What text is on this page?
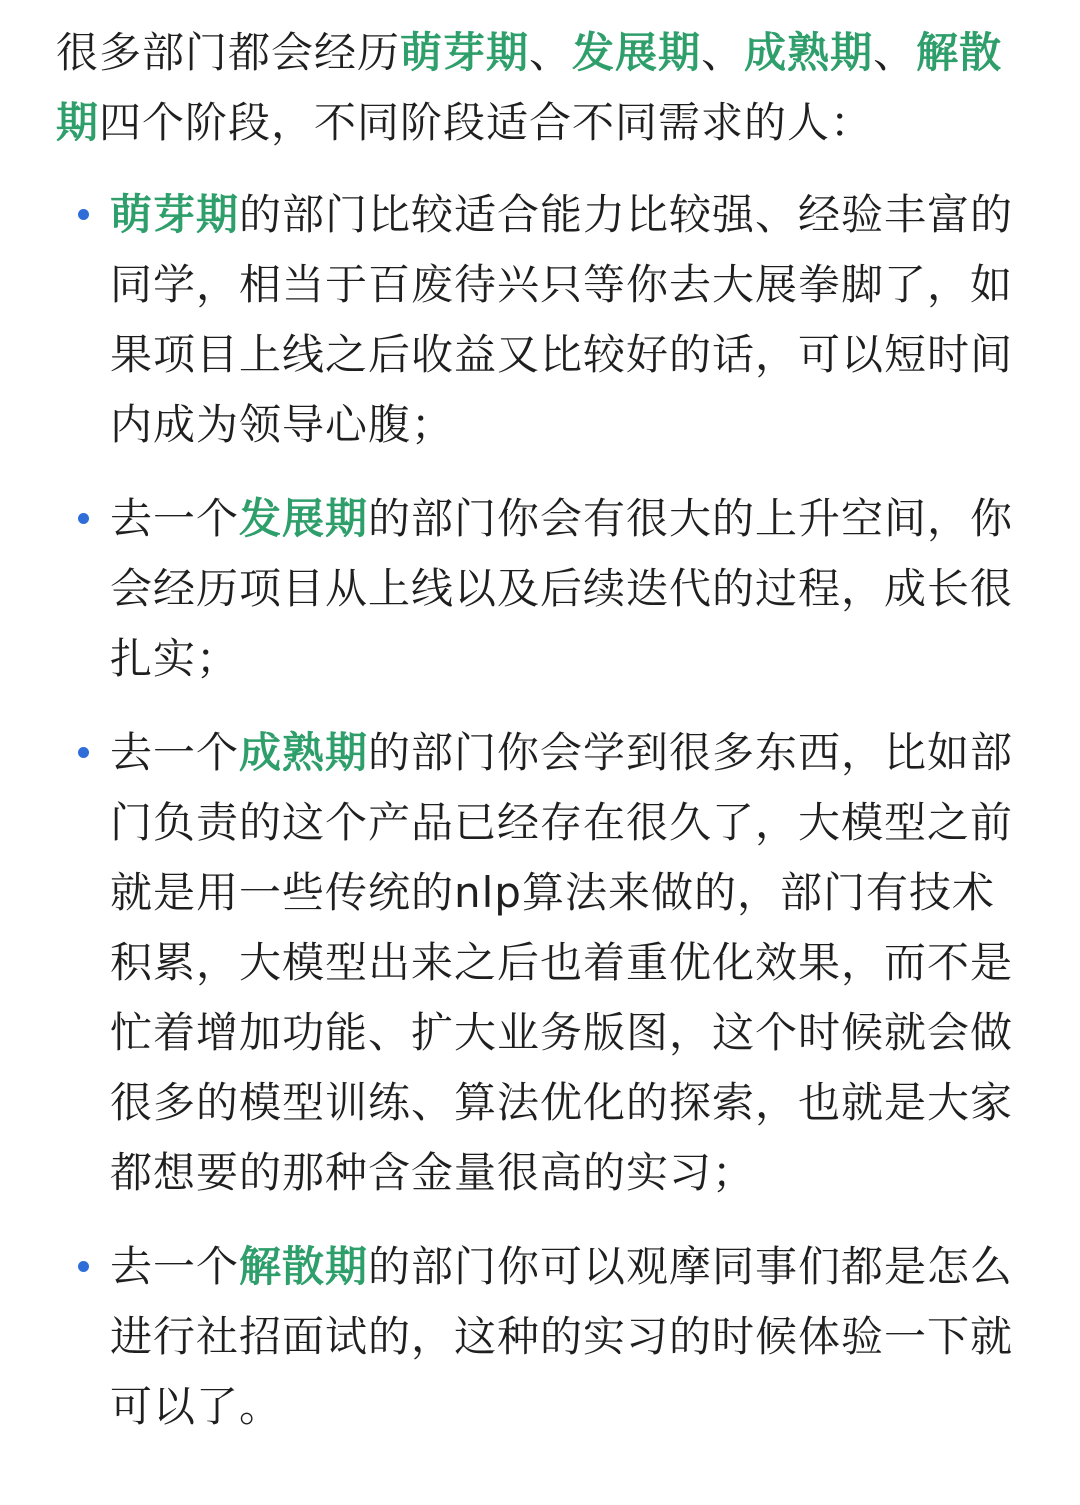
很多部门都会经历萌芽期、发展期、成熟期、解散期四个阶段，不同阶段适合不同需求的人：

萌芽期的部门比较适合能力比较强、经验丰富的同学，相当于百废待兴只等你去大展拳脚了，如果项目上线之后收益又比较好的话，可以短时间内成为领导心腹；
去一个发展期的部门你会有很大的上升空间，你会经历项目从上线以及后续迭代的过程，成长很扎实；
去一个成熟期的部门你会学到很多东西，比如部门负责的这个产品已经存在很久了，大模型之前就是用一些传统的nlp算法来做的，部门有技术积累，大模型出来之后也着重优化效果，而不是忙着增加功能、扩大业务版图，这个时候就会做很多的模型训练、算法优化的探索，也就是大家都想要的那种含金量很高的实习；
去一个解散期的部门你可以观摩同事们都是怎么进行社招面试的，这种的实习的时候体验一下就可以了。
